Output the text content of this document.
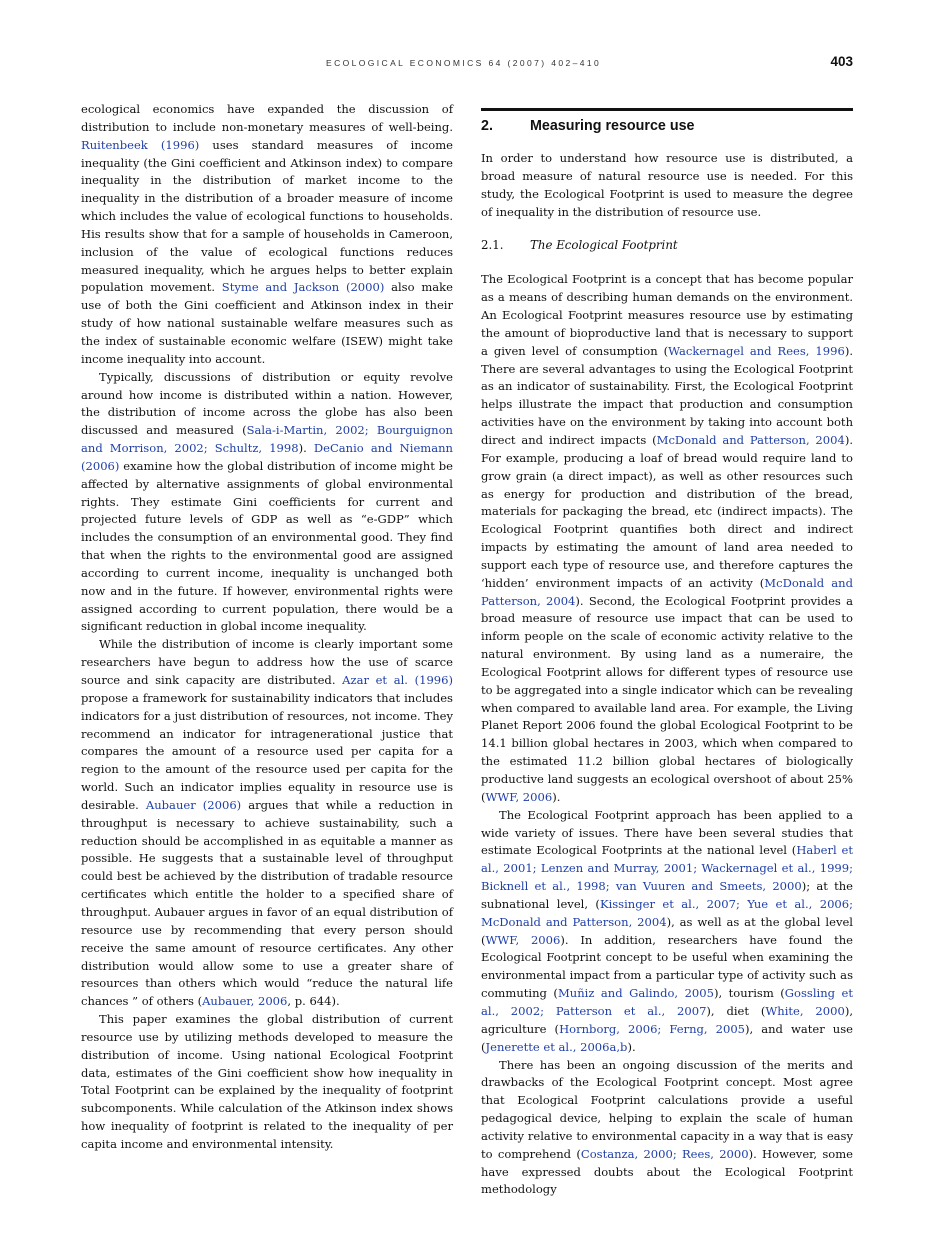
ECOLOGICAL ECONOMICS 64 (2007) 402–410	403

ecological economics have expanded the discussion of distribution to include non-monetary measures of well-being. Ruitenbeek (1996) uses standard measures of income inequality (the Gini coefficient and Atkinson index) to compare inequality in the distribution of market income to the inequality in the distribution of a broader measure of income which includes the value of ecological functions to households. His results show that for a sample of households in Cameroon, inclusion of the value of ecological functions reduces measured inequality, which he argues helps to better explain population movement. Styme and Jackson (2000) also make use of both the Gini coefficient and Atkinson index in their study of how national sustainable welfare measures such as the index of sustainable economic welfare (ISEW) might take income inequality into account.

Typically, discussions of distribution or equity revolve around how income is distributed within a nation. However, the distribution of income across the globe has also been discussed and measured (Sala-i-Martin, 2002; Bourguignon and Morrison, 2002; Schultz, 1998). DeCanio and Niemann (2006) examine how the global distribution of income might be affected by alternative assignments of global environmental rights. They estimate Gini coefficients for current and projected future levels of GDP as well as “e-GDP” which includes the consumption of an environmental good. They find that when the rights to the environmental good are assigned according to current income, inequality is unchanged both now and in the future. If however, environmental rights were assigned according to current population, there would be a significant reduction in global income inequality.

While the distribution of income is clearly important some researchers have begun to address how the use of scarce source and sink capacity are distributed. Azar et al. (1996) propose a framework for sustainability indicators that includes indicators for a just distribution of resources, not income. They recommend an indicator for intragenerational justice that compares the amount of a resource used per capita for a region to the amount of the resource used per capita for the world. Such an indicator implies equality in resource use is desirable. Aubauer (2006) argues that while a reduction in throughput is necessary to achieve sustainability, such a reduction should be accomplished in as equitable a manner as possible. He suggests that a sustainable level of throughput could best be achieved by the distribution of tradable resource certificates which entitle the holder to a specified share of throughput. Aubauer argues in favor of an equal distribution of resource use by recommending that every person should receive the same amount of resource certificates. Any other distribution would allow some to use a greater share of resources than others which would “reduce the natural life chances ” of others (Aubauer, 2006, p. 644).

This paper examines the global distribution of current resource use by utilizing methods developed to measure the distribution of income. Using national Ecological Footprint data, estimates of the Gini coefficient show how inequality in Total Footprint can be explained by the inequality of footprint subcomponents. While calculation of the Atkinson index shows how inequality of footprint is related to the inequality of per capita income and environmental intensity.

2.	Measuring resource use

In order to understand how resource use is distributed, a broad measure of natural resource use is needed. For this study, the Ecological Footprint is used to measure the degree of inequality in the distribution of resource use.

2.1. The Ecological Footprint

The Ecological Footprint is a concept that has become popular as a means of describing human demands on the environment. An Ecological Footprint measures resource use by estimating the amount of bioproductive land that is necessary to support a given level of consumption (Wackernagel and Rees, 1996). There are several advantages to using the Ecological Footprint as an indicator of sustainability. First, the Ecological Footprint helps illustrate the impact that production and consumption activities have on the environment by taking into account both direct and indirect impacts (McDonald and Patterson, 2004). For example, producing a loaf of bread would require land to grow grain (a direct impact), as well as other resources such as energy for production and distribution of the bread, materials for packaging the bread, etc (indirect impacts). The Ecological Footprint quantifies both direct and indirect impacts by estimating the amount of land area needed to support each type of resource use, and therefore captures the ‘hidden’ environment impacts of an activity (McDonald and Patterson, 2004). Second, the Ecological Footprint provides a broad measure of resource use impact that can be used to inform people on the scale of economic activity relative to the natural environment. By using land as a numeraire, the Ecological Footprint allows for different types of resource use to be aggregated into a single indicator which can be revealing when compared to available land area. For example, the Living Planet Report 2006 found the global Ecological Footprint to be 14.1 billion global hectares in 2003, which when compared to the estimated 11.2 billion global hectares of biologically productive land suggests an ecological overshoot of about 25% (WWF, 2006).

The Ecological Footprint approach has been applied to a wide variety of issues. There have been several studies that estimate Ecological Footprints at the national level (Haberl et al., 2001; Lenzen and Murray, 2001; Wackernagel et al., 1999; Bicknell et al., 1998; van Vuuren and Smeets, 2000); at the subnational level, (Kissinger et al., 2007; Yue et al., 2006; McDonald and Patterson, 2004), as well as at the global level (WWF, 2006). In addition, researchers have found the Ecological Footprint concept to be useful when examining the environmental impact from a particular type of activity such as commuting (Muñiz and Galindo, 2005), tourism (Gossling et al., 2002; Patterson et al., 2007), diet (White, 2000), agriculture (Hornborg, 2006; Ferng, 2005), and water use (Jenerette et al., 2006a,b).

There has been an ongoing discussion of the merits and drawbacks of the Ecological Footprint concept. Most agree that Ecological Footprint calculations provide a useful pedagogical device, helping to explain the scale of human activity relative to environmental capacity in a way that is easy to comprehend (Costanza, 2000; Rees, 2000). However, some have expressed doubts about the Ecological Footprint methodology
